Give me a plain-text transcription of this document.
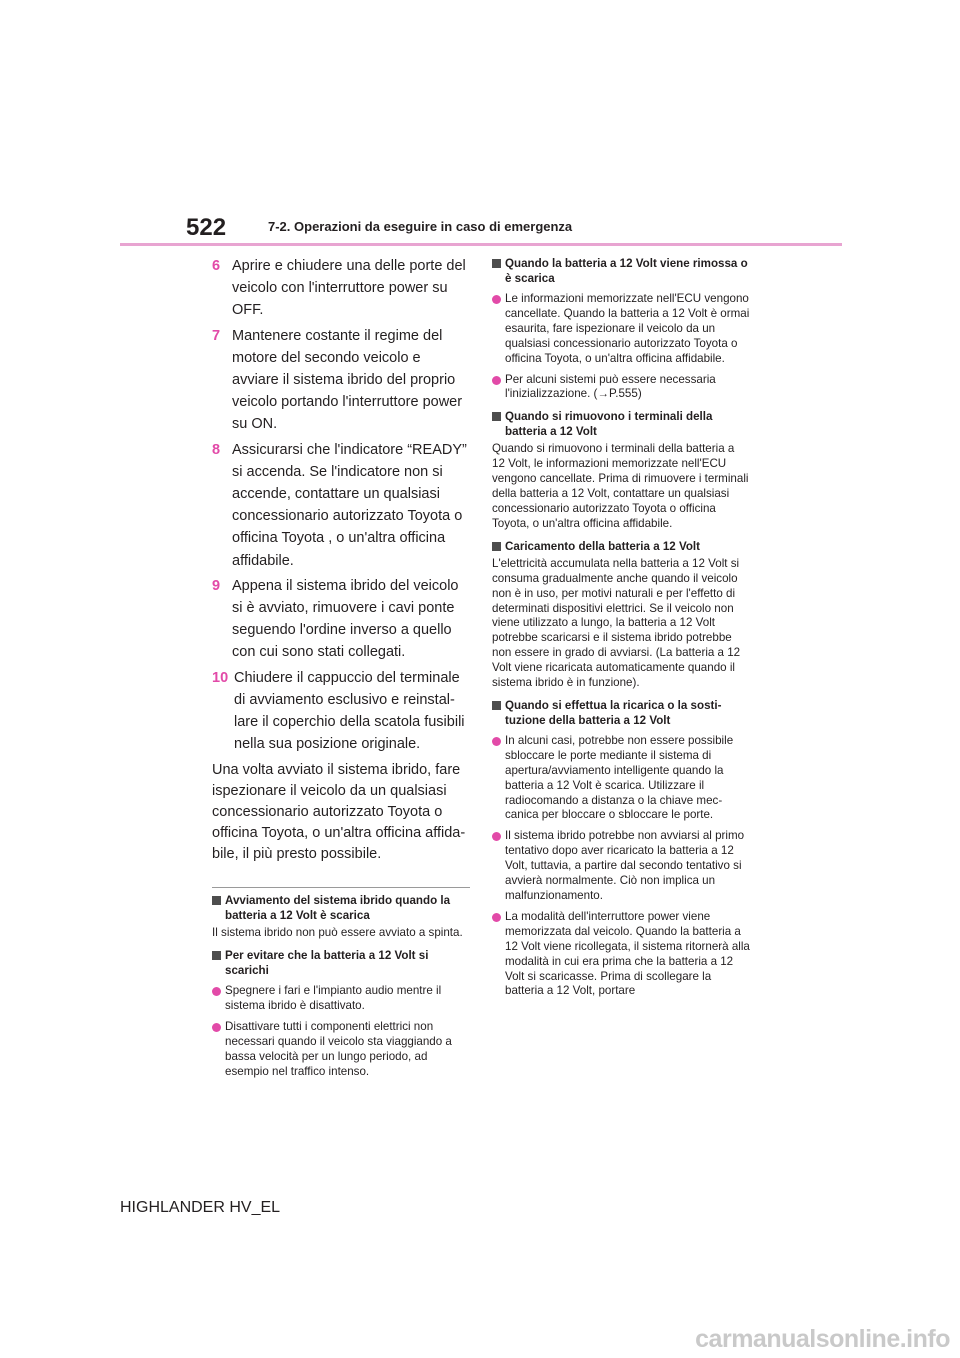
522	7-2. Operazioni da eseguire in caso di emergenza
6 Aprire e chiudere una delle porte del veicolo con l'interruttore power su OFF.
7 Mantenere costante il regime del motore del secondo veicolo e avviare il sistema ibrido del proprio veicolo portando l'interruttore power su ON.
8 Assicurarsi che l'indicatore “READY” si accenda. Se l'indicatore non si accende, contattare un qualsiasi concessionario autorizzato Toyota o officina Toyota , o un'altra officina affidabile.
9 Appena il sistema ibrido del veicolo si è avviato, rimuovere i cavi ponte seguendo l'ordine inverso a quello con cui sono stati collegati.
10 Chiudere il cappuccio del terminale di avviamento esclusivo e reinstallare il coperchio della scatola fusibili nella sua posizione originale.
Una volta avviato il sistema ibrido, fare ispezionare il veicolo da un qualsiasi concessionario autorizzato Toyota o officina Toyota, o un'altra officina affidabile, il più presto possibile.
Avviamento del sistema ibrido quando la batteria a 12 Volt è scarica
Il sistema ibrido non può essere avviato a spinta.
Per evitare che la batteria a 12 Volt si scarichi
Spegnere i fari e l'impianto audio mentre il sistema ibrido è disattivato.
Disattivare tutti i componenti elettrici non necessari quando il veicolo sta viaggiando a bassa velocità per un lungo periodo, ad esempio nel traffico intenso.
Quando la batteria a 12 Volt viene rimossa o è scarica
Le informazioni memorizzate nell'ECU vengono cancellate. Quando la batteria a 12 Volt è ormai esaurita, fare ispezionare il veicolo da un qualsiasi concessionario autorizzato Toyota o officina Toyota, o un'altra officina affidabile.
Per alcuni sistemi può essere necessaria l'inizializzazione. (→P.555)
Quando si rimuovono i terminali della batteria a 12 Volt
Quando si rimuovono i terminali della batteria a 12 Volt, le informazioni memorizzate nell'ECU vengono cancellate. Prima di rimuovere i terminali della batteria a 12 Volt, contattare un qualsiasi concessionario autorizzato Toyota o officina Toyota, o un'altra officina affidabile.
Caricamento della batteria a 12 Volt
L'elettricità accumulata nella batteria a 12 Volt si consuma gradualmente anche quando il veicolo non è in uso, per motivi naturali e per l'effetto di determinati dispositivi elettrici. Se il veicolo non viene utilizzato a lungo, la batteria a 12 Volt potrebbe scaricarsi e il sistema ibrido potrebbe non essere in grado di avviarsi. (La batteria a 12 Volt viene ricaricata automaticamente quando il sistema ibrido è in funzione).
Quando si effettua la ricarica o la sostituzione della batteria a 12 Volt
In alcuni casi, potrebbe non essere possibile sbloccare le porte mediante il sistema di apertura/avviamento intelligente quando la batteria a 12 Volt è scarica. Utilizzare il radiocomando a distanza o la chiave meccanica per bloccare o sbloccare le porte.
Il sistema ibrido potrebbe non avviarsi al primo tentativo dopo aver ricaricato la batteria a 12 Volt, tuttavia, a partire dal secondo tentativo si avvierà normalmente. Ciò non implica un malfunzionamento.
La modalità dell'interruttore power viene memorizzata dal veicolo. Quando la batteria a 12 Volt viene ricollegata, il sistema ritornerà alla modalità in cui era prima che la batteria a 12 Volt si scaricasse. Prima di scollegare la batteria a 12 Volt, portare
HIGHLANDER HV_EL
carmanualsonline.info
